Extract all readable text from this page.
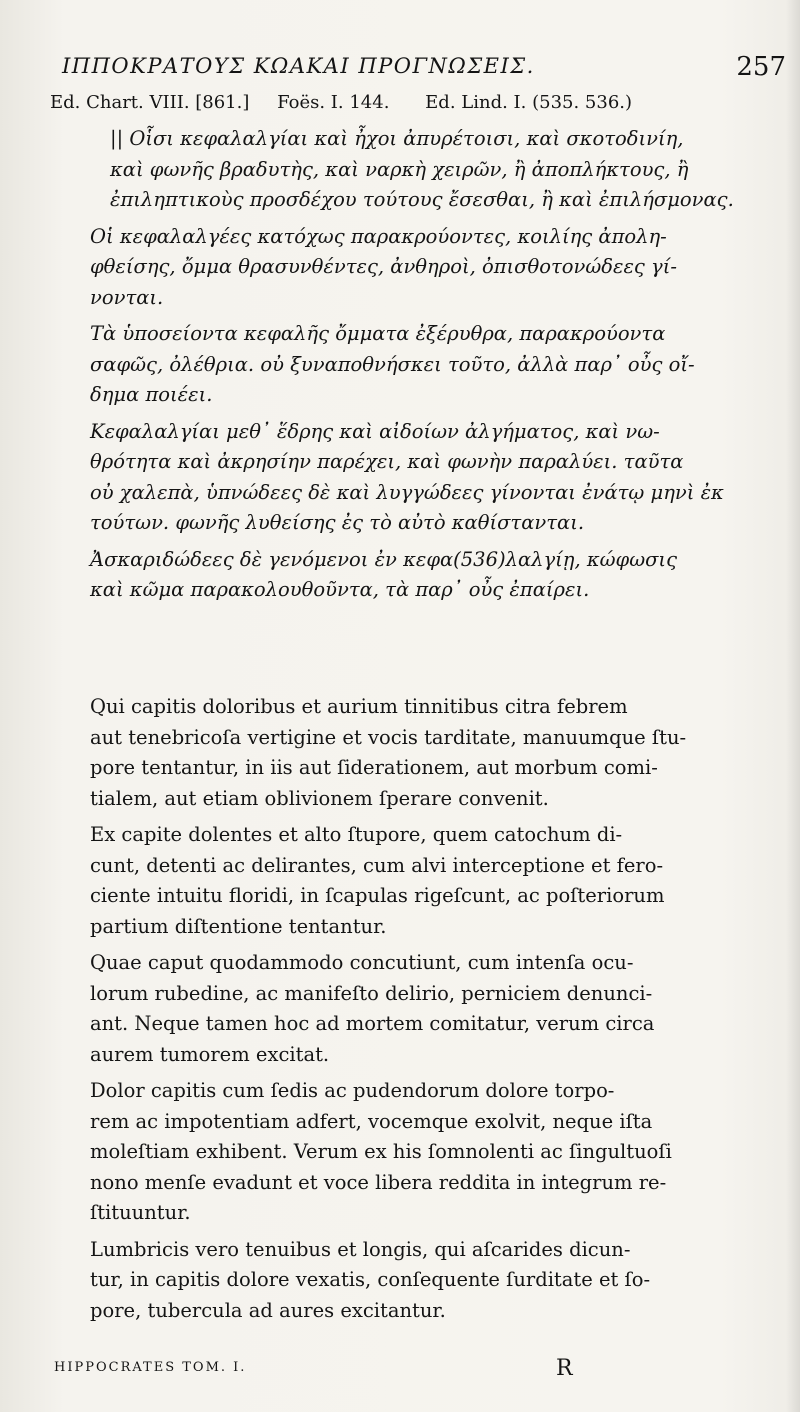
ΙΠΠΟΚΡΑΤΟΥΣ ΚΩΑΚΑΙ ΠΡΟΓΝΩΣΕΙΣ.	257
Ed. Chart. VIII. [861.] Foës. I. 144. Ed. Lind. I. (535. 536.)
|| Οἷσι κεφαλαλγίαι καὶ ἦχοι ἀπυρέτοισι, καὶ σκοτοδινίη,
καὶ φωνῆς βραδυτὴς, καὶ ναρκὴ χειρῶν, ἢ ἀποπλήκτους, ἢ
ἐπιληπτικοὺς προσδέχου τούτους ἔσεσθαι, ἢ καὶ ἐπιλήσμονας.
Οἱ κεφαλαλγέες κατόχως παρακρούοντες, κοιλίης ἀπολη-
φθείσης, ὄμμα θρασυνθέντες, ἀνθηροὶ, ὀπισθοτονώδεες γί-
νονται.
Τὰ ὑποσείοντα κεφαλῆς ὄμματα ἐξέρυθρα, παρακρούοντα
σαφῶς, ὀλέθρια. οὐ ξυναποθνήσκει τοῦτο, ἀλλὰ παρ᾽ οὖς οἴ-
δημα ποιέει.
Κεφαλαλγίαι μεθ᾽ ἕδρης καὶ αἰδοίων ἀλγήματος, καὶ νω-
θρότητα καὶ ἀκρησίην παρέχει, καὶ φωνὴν παραλύει. ταῦτα
οὐ χαλεπὰ, ὑπνώδεες δὲ καὶ λυγγώδεες γίνονται ἐνάτῳ μηνὶ ἐκ
τούτων. φωνῆς λυθείσης ἐς τὸ αὐτὸ καθίστανται.
Ἀσκαριδώδεες δὲ γενόμενοι ἐν κεφα(536)λαλγίῃ, κώφωσις
καὶ κῶμα παρακολουθοῦντα, τὰ παρ᾽ οὖς ἐπαίρει.
Qui capitis doloribus et aurium tinnitibus citra febrem
aut tenebricoſa vertigine et vocis tarditate, manuumque ſtu-
pore tentantur, in iis aut ſiderationem, aut morbum comi-
tialem, aut etiam oblivionem ſperare convenit.
Ex capite dolentes et alto ſtupore, quem catochum di-
cunt, detenti ac delirantes, cum alvi interceptione et fero-
ciente intuitu floridi, in ſcapulas rigeſcunt, ac poſteriorum
partium diſtentione tentantur.
Quae caput quodammodo concutiunt, cum intenſa ocu-
lorum rubedine, ac manifeſto delirio, perniciem denunci-
ant. Neque tamen hoc ad mortem comitatur, verum circa
aurem tumorem excitat.
Dolor capitis cum ſedis ac pudendorum dolore torpo-
rem ac impotentiam adfert, vocemque exolvit, neque iſta
moleſtiam exhibent. Verum ex his ſomnolenti ac ſingultuoſi
nono menſe evadunt et voce libera reddita in integrum re-
ſtituuntur.
Lumbricis vero tenuibus et longis, qui aſcarides dicun-
tur, in capitis dolore vexatis, conſequente ſurditate et ſo-
pore, tubercula ad aures excitantur.
HIPPOCRATES TOM. I.	R
